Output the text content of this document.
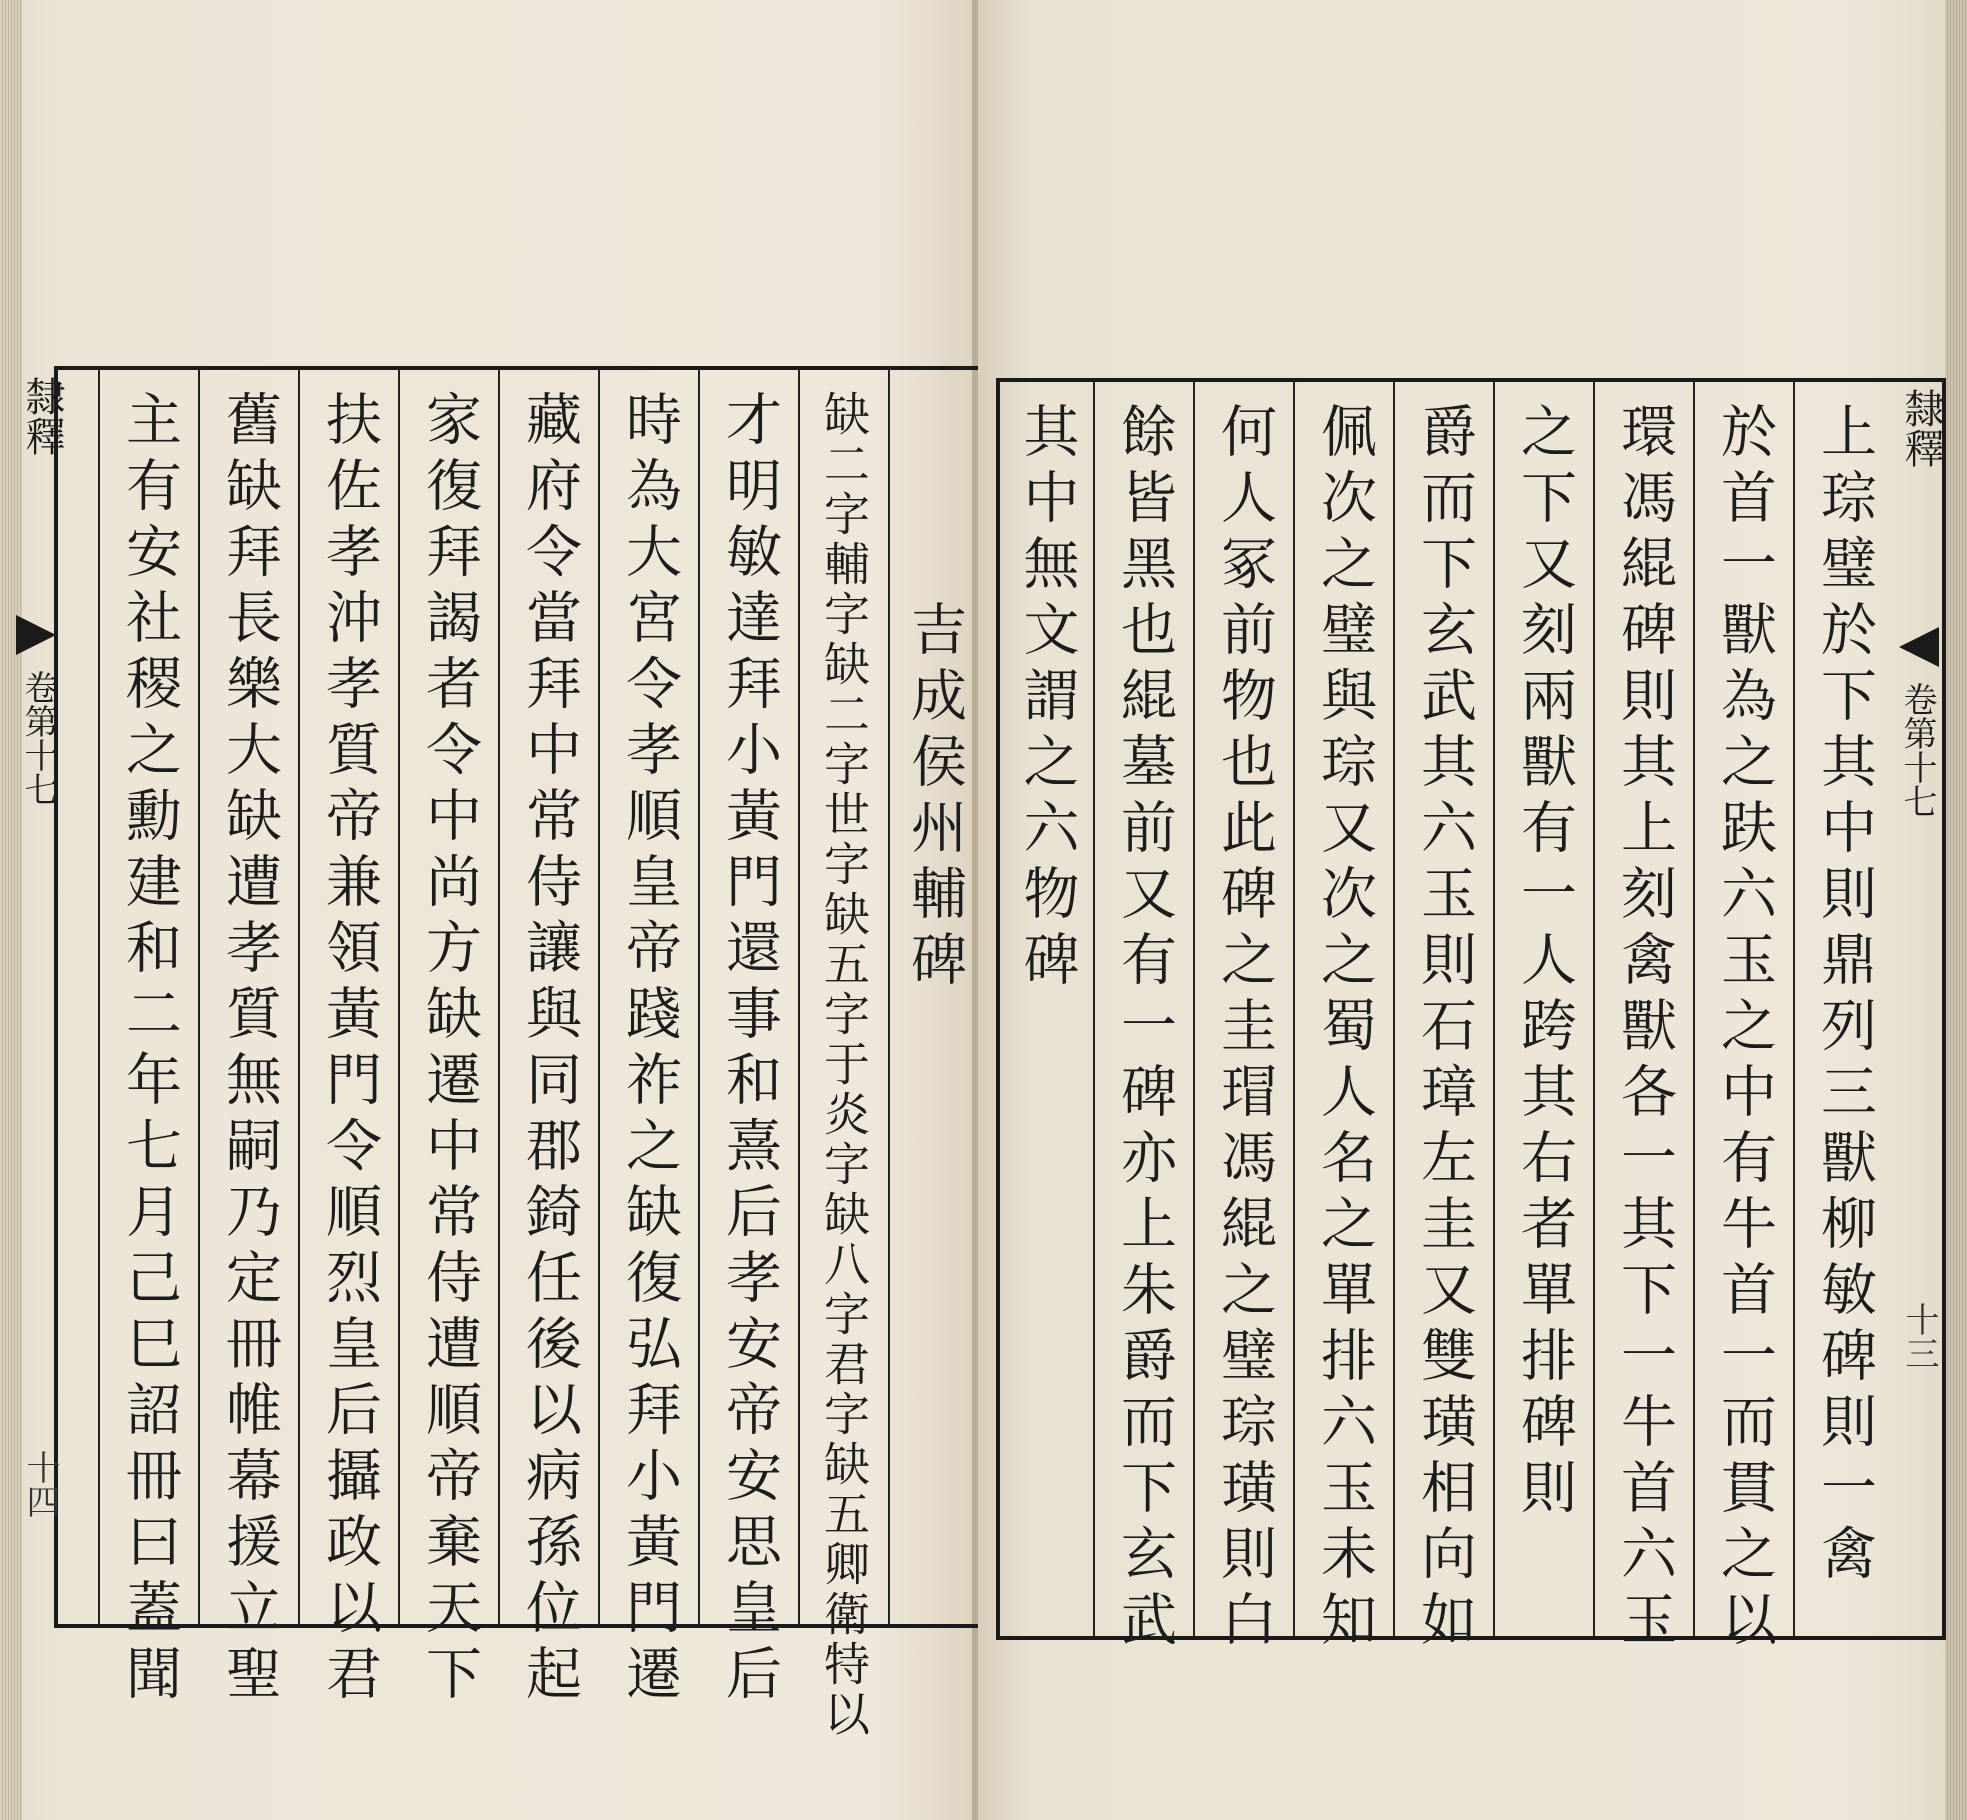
隸釋
卷第十七
十四
吉成侯州輔碑
缺二字輔字缺二字世字缺五字于炎字缺八字君字缺五卿衛特以
才明敏達拜小黃門還事和熹后孝安帝安思皇后
時為大宮令孝順皇帝踐祚之缺復弘拜小黃門遷
藏府令當拜中常侍讓與同郡錡任後以病孫位起
家復拜謁者令中尚方缺遷中常侍遭順帝棄天下
扶佐孝沖孝質帝兼領黃門令順烈皇后攝政以君
舊缺拜長樂大缺遭孝質無嗣乃定冊帷幕援立聖
主有安社稷之勳建和二年七月己巳詔冊曰蓋聞	隸釋
卷第十七
十三
上琮璧於下其中則鼎列三獸柳敏碑則一禽
於首一獸為之趺六玉之中有牛首一而貫之以
環馮緄碑則其上刻禽獸各一其下一牛首六玉
之下又刻兩獸有一人跨其右者單排碑則
爵而下玄武其六玉則石璋左圭又雙璜相向如
佩次之璧與琮又次之蜀人名之單排六玉未知
何人冢前物也此碑之圭瑁馮緄之璧琮璜則白
餘皆黑也緄墓前又有一碑亦上朱爵而下玄武
其中無文謂之六物碑
